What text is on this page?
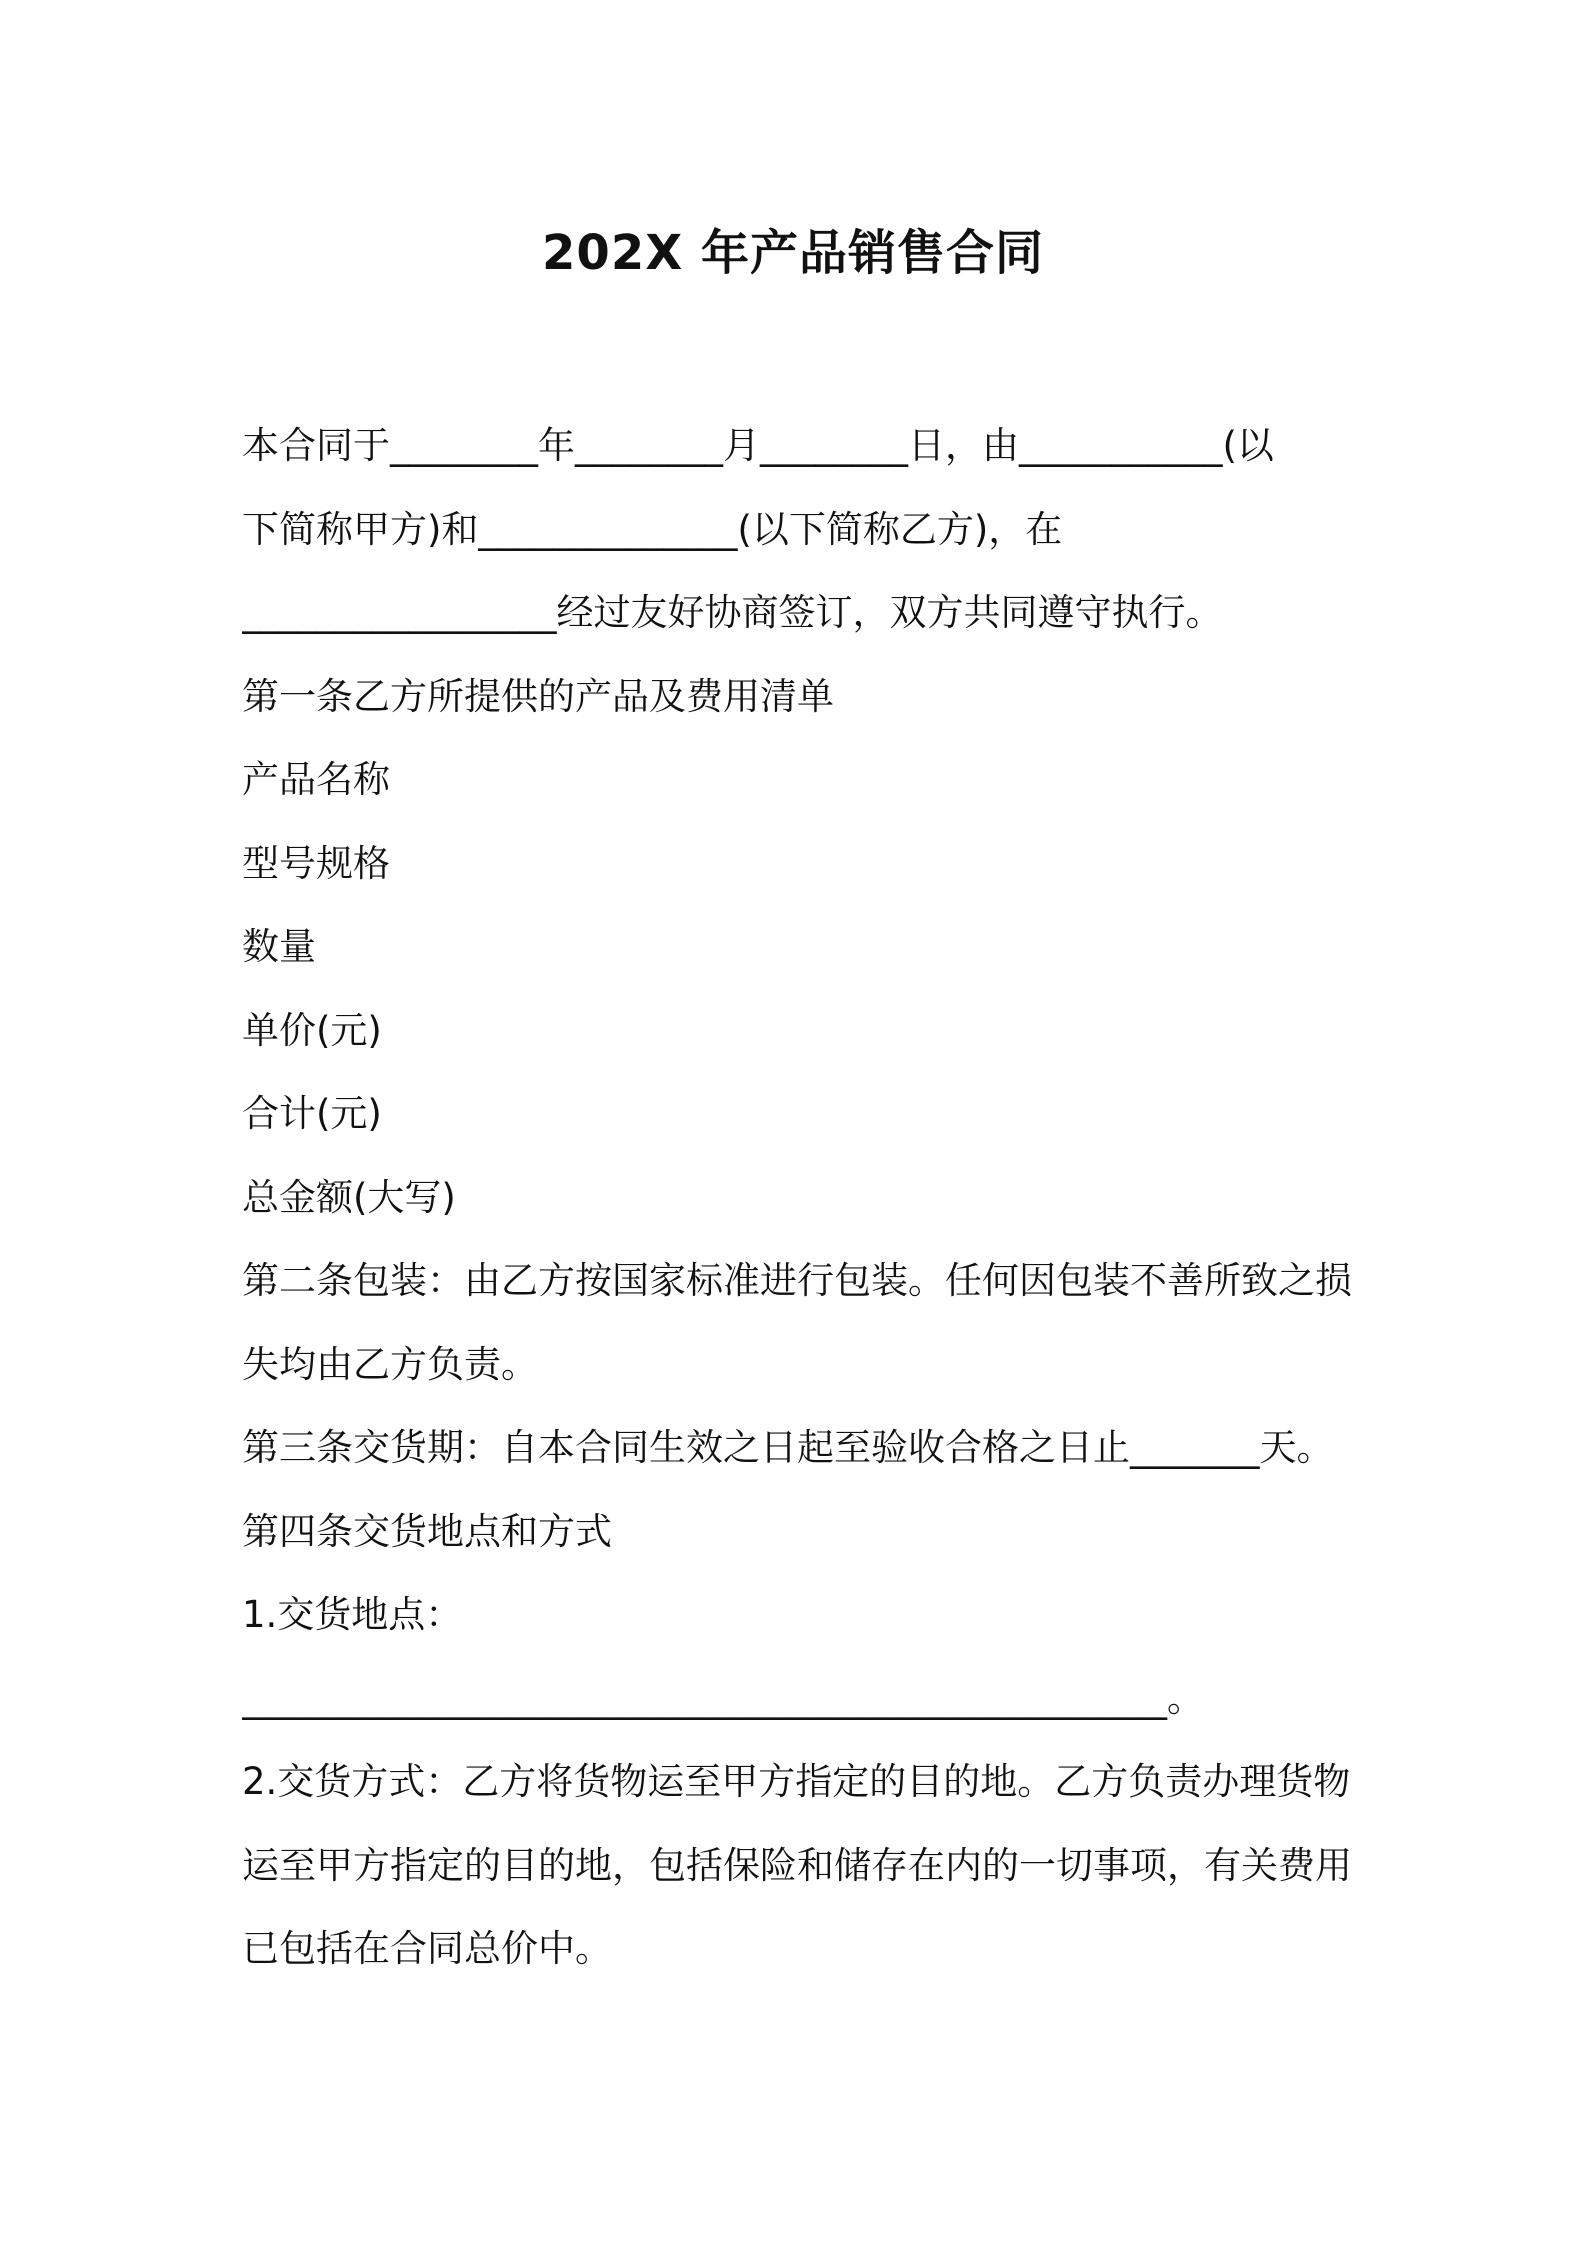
202X 年产品销售合同
本合同于________年________月________日，由___________(以
下简称甲方)和______________(以下简称乙方)，在
_________________经过友好协商签订，双方共同遵守执行。
第一条乙方所提供的产品及费用清单
产品名称
型号规格
数量
单价(元)
合计(元)
总金额(大写)
第二条包装：由乙方按国家标准进行包装。任何因包装不善所致之损
失均由乙方负责。
第三条交货期：自本合同生效之日起至验收合格之日止_______天。
第四条交货地点和方式
1.交货地点：
__________________________________________________。
2.交货方式：乙方将货物运至甲方指定的目的地。乙方负责办理货物
运至甲方指定的目的地，包括保险和储存在内的一切事项，有关费用
已包括在合同总价中。
